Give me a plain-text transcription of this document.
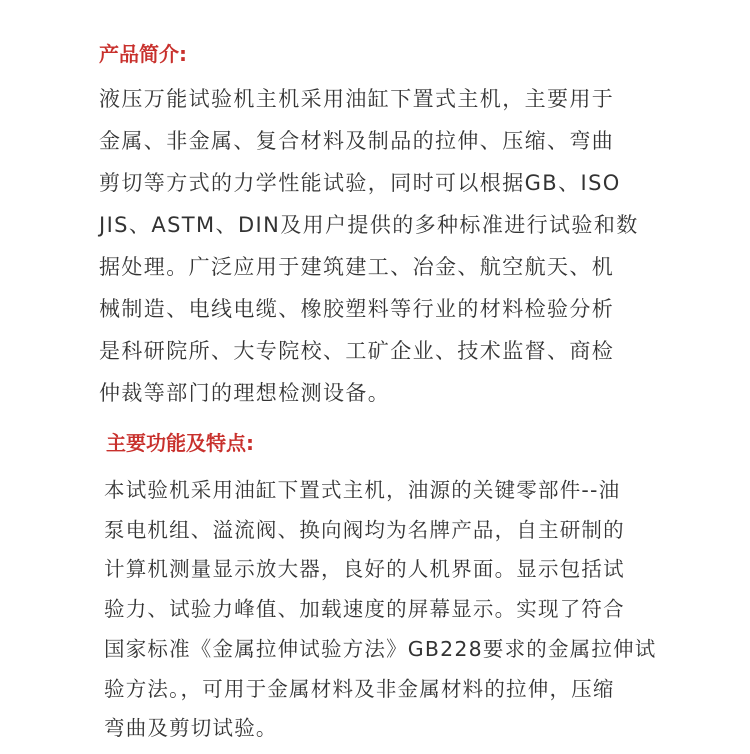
产品简介:

液压万能试验机主机采用油缸下置式主机，主要用于
金属、非金属、复合材料及制品的拉伸、压缩、弯曲
剪切等方式的力学性能试验，同时可以根据GB、ISO
JIS、ASTM、DIN及用户提供的多种标准进行试验和数
据处理。广泛应用于建筑建工、冶金、航空航天、机
械制造、电线电缆、橡胶塑料等行业的材料检验分析
是科研院所、大专院校、工矿企业、技术监督、商检
仲裁等部门的理想检测设备。

主要功能及特点:

本试验机采用油缸下置式主机，油源的关键零部件--油
泵电机组、溢流阀、换向阀均为名牌产品，自主研制的
计算机测量显示放大器，良好的人机界面。显示包括试
验力、试验力峰值、加载速度的屏幕显示。实现了符合
国家标准《金属拉伸试验方法》GB228要求的金属拉伸试
验方法。，可用于金属材料及非金属材料的拉伸，压缩
弯曲及剪切试验。
